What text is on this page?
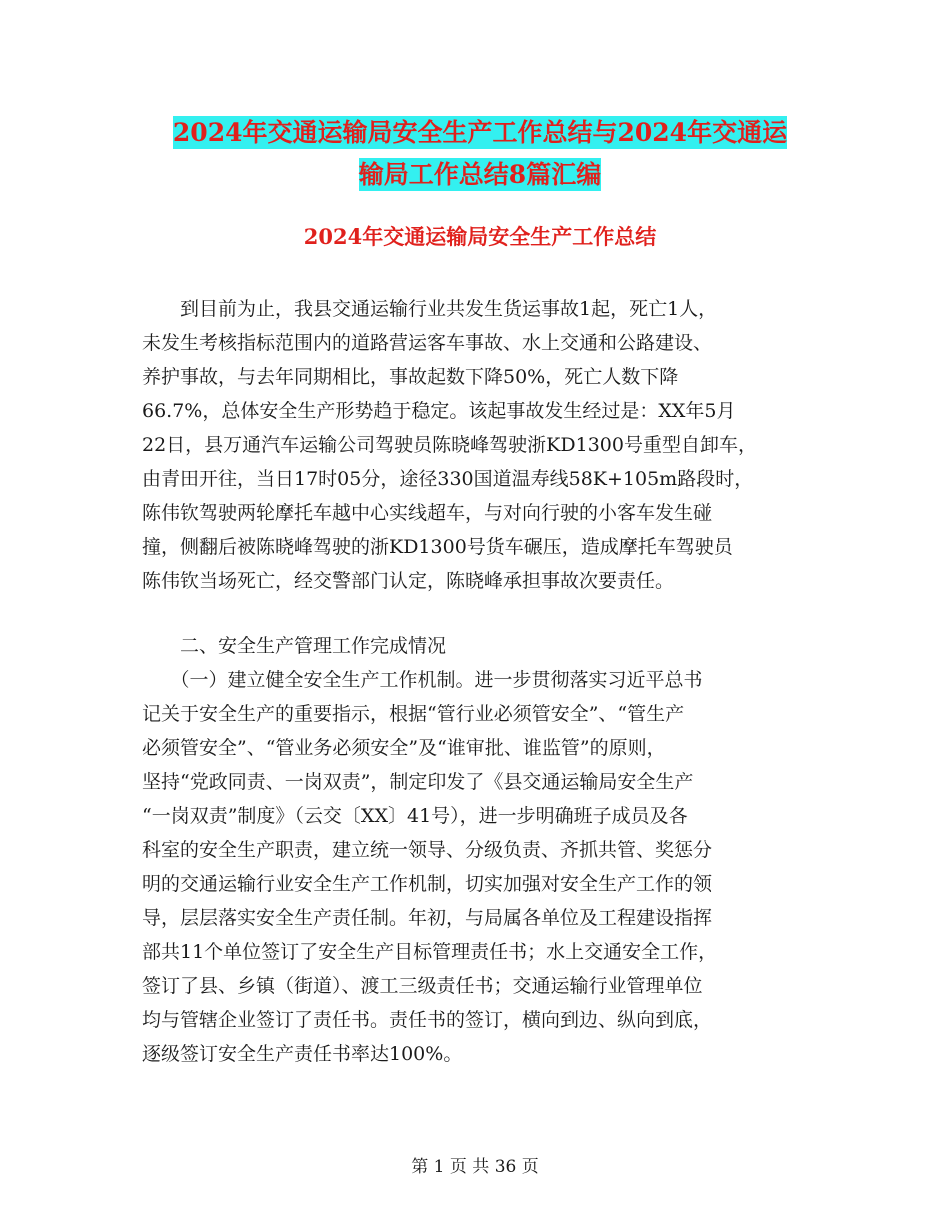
2024年交通运输局安全生产工作总结与2024年交通运
输局工作总结8篇汇编
2024年交通运输局安全生产工作总结
　　到目前为止，我县交通运输行业共发生货运事故1起，死亡1人，
未发生考核指标范围内的道路营运客车事故、水上交通和公路建设、
养护事故，与去年同期相比，事故起数下降50%，死亡人数下降
66.7%，总体安全生产形势趋于稳定。该起事故发生经过是：XX年5月
22日，县万通汽车运输公司驾驶员陈晓峰驾驶浙KD1300号重型自卸车，
由青田开往，当日17时05分，途径330国道温寿线58K+105m路段时，
陈伟钦驾驶两轮摩托车越中心实线超车，与对向行驶的小客车发生碰
撞，侧翻后被陈晓峰驾驶的浙KD1300号货车碾压，造成摩托车驾驶员
陈伟钦当场死亡，经交警部门认定，陈晓峰承担事故次要责任。
　　二、安全生产管理工作完成情况
　　（一）建立健全安全生产工作机制。进一步贯彻落实习近平总书
记关于安全生产的重要指示，根据“管行业必须管安全”、“管生产
必须管安全”、“管业务必须安全”及“谁审批、谁监管”的原则，
坚持“党政同责、一岗双责”，制定印发了《县交通运输局安全生产
“一岗双责”制度》（云交〔XX〕41号），进一步明确班子成员及各
科室的安全生产职责，建立统一领导、分级负责、齐抓共管、奖惩分
明的交通运输行业安全生产工作机制，切实加强对安全生产工作的领
导，层层落实安全生产责任制。年初，与局属各单位及工程建设指挥
部共11个单位签订了安全生产目标管理责任书；水上交通安全工作，
签订了县、乡镇（街道）、渡工三级责任书；交通运输行业管理单位
均与管辖企业签订了责任书。责任书的签订，横向到边、纵向到底，
逐级签订安全生产责任书率达100%。
第 1 页 共 36 页
